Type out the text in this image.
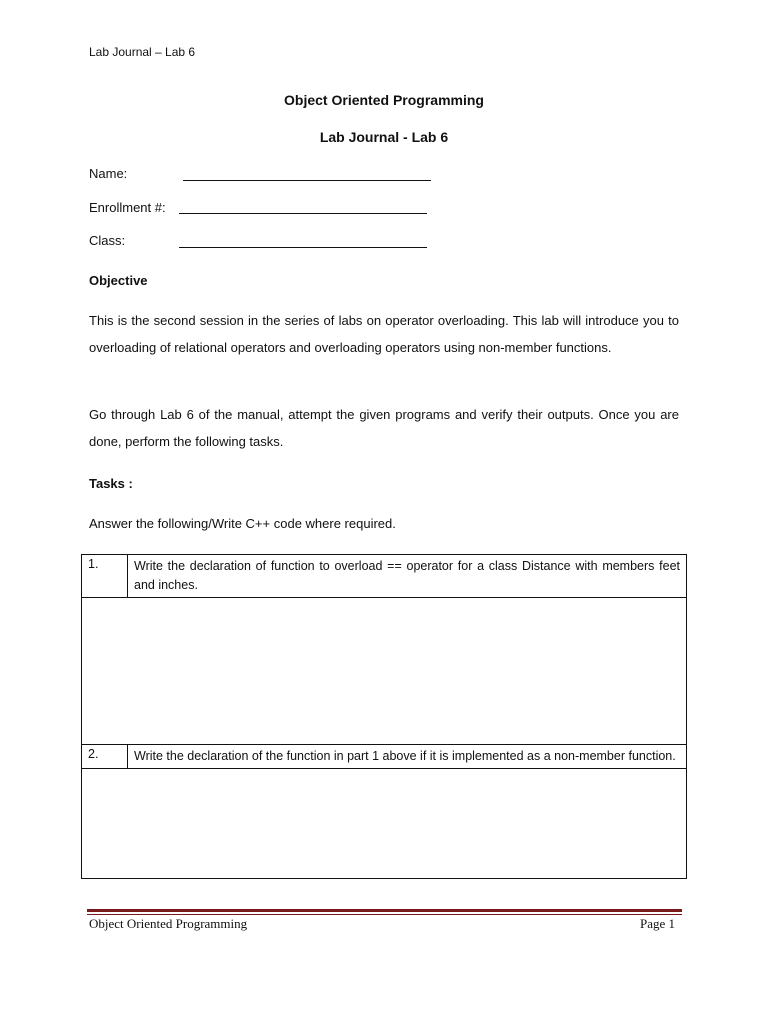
Lab Journal – Lab 6
Object Oriented Programming
Lab Journal - Lab 6
Name:
Enrollment #:
Class:
Objective
This is the second session in the series of labs on operator overloading. This lab will introduce you to overloading of relational operators and overloading operators using non-member functions.
Go through Lab 6 of the manual, attempt the given programs and verify their outputs. Once you are done, perform the following tasks.
Tasks :
Answer the following/Write C++ code where required.
1.	Write the declaration of function to overload == operator for a class Distance with members feet and inches.

2.	Write the declaration of the function in part 1 above if it is implemented as a non-member function.

Object Oriented Programming	Page 1
